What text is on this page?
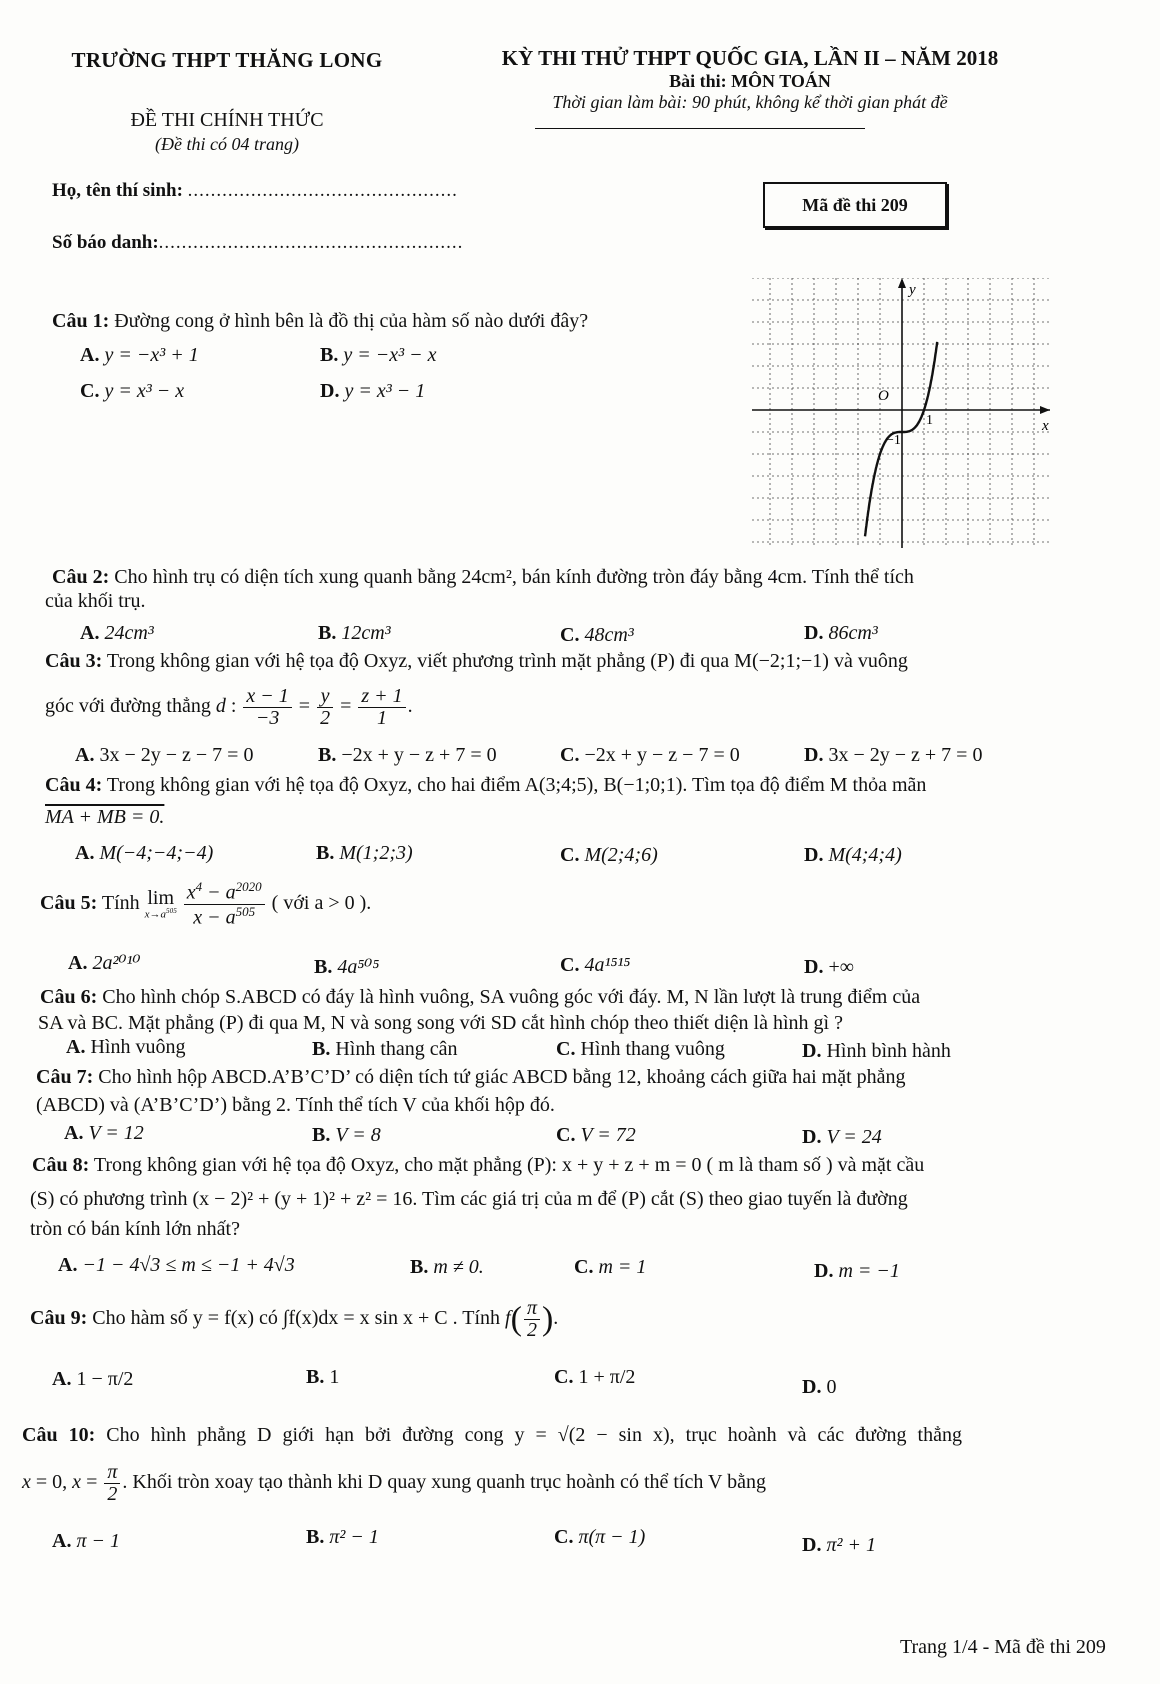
TRƯỜNG THPT THĂNG LONG
ĐỀ THI CHÍNH THỨC
(Đề thi có 04 trang)
KỲ THI THỬ THPT QUỐC GIA, LẦN II – NĂM 2018
Bài thi: MÔN TOÁN
Thời gian làm bài: 90 phút, không kể thời gian phát đề
Họ, tên thí sinh: ...............................................
Số báo danh:.....................................................
Mã đề thi 209
Câu 1: Đường cong ở hình bên là đồ thị của hàm số nào dưới đây?
A. y = −x³ + 1	B. y = −x³ − x
C. y = x³ − x	D. y = x³ − 1
y
x
O
1
−1
Câu 2: Cho hình trụ có diện tích xung quanh bằng 24cm², bán kính đường tròn đáy bằng 4cm. Tính thể tích
của khối trụ.
A. 24cm³	B. 12cm³	C. 48cm³	D. 86cm³
Câu 3: Trong không gian với hệ tọa độ Oxyz, viết phương trình mặt phẳng (P) đi qua M(−2;1;−1) và vuông
góc với đường thẳng d : $\frac{x - 1}{-3} = \frac{y}{2} = \frac{z + 1}{1}$ .
A. 3x − 2y − z − 7 = 0	B. −2x + y − z + 7 = 0	C. −2x + y − z − 7 = 0	D. 3x − 2y − z + 7 = 0
Câu 4: Trong không gian với hệ tọa độ Oxyz, cho hai điểm A(3;4;5), B(−1;0;1). Tìm tọa độ điểm M thỏa mãn
MA + MB = 0.
A. M(−4;−4;−4)	B. M(1;2;3)	C. M(2;4;6)	D. M(4;4;4)
Câu 5: Tính lim
$x\to a^{505}$
$\frac{x^4 - a^{2020}}{x - a^{505}}$ ( với a > 0 ).
A. 2a²⁰¹⁰	B. 4a⁵⁰⁵	C. 4a¹⁵¹⁵	D. +∞
Câu 6: Cho hình chóp S.ABCD có đáy là hình vuông, SA vuông góc với đáy. M, N lần lượt là trung điểm của
SA và BC. Mặt phẳng (P) đi qua M, N và song song với SD cắt hình chóp theo thiết diện là hình gì ?
A. Hình vuông	B. Hình thang cân	C. Hình thang vuông	D. Hình bình hành
Câu 7: Cho hình hộp ABCD.A’B’C’D’ có diện tích tứ giác ABCD bằng 12, khoảng cách giữa hai mặt phẳng
(ABCD) và (A’B’C’D’) bằng 2. Tính thể tích V của khối hộp đó.
A. V = 12	B. V = 8	C. V = 72	D. V = 24
Câu 8: Trong không gian với hệ tọa độ Oxyz, cho mặt phẳng (P): x + y + z + m = 0 ( m là tham số ) và mặt cầu
(S) có phương trình (x − 2)² + (y + 1)² + z² = 16. Tìm các giá trị của m để (P) cắt (S) theo giao tuyến là đường
tròn có bán kính lớn nhất?
A. −1 − 4√3 ≤ m ≤ −1 + 4√3	B. m ≠ 0.	C. m = 1	D. m = −1
Câu 9: Cho hàm số y = f(x) có ∫f(x)dx = x sin x + C . Tính $f( \frac{\pi}{2}$ ).
A. 1 − π/2	B. 1	C. 1 + π/2	D. 0
Câu 10: Cho hình phẳng D giới hạn bởi đường cong y = √(2 − sin x), trục hoành và các đường thẳng
x = 0, $x = \frac{\pi}{2}$ . Khối tròn xoay tạo thành khi D quay xung quanh trục hoành có thể tích V bằng
A. π − 1	B. π² − 1	C. π(π − 1)	D. π² + 1
Trang 1/4 - Mã đề thi 209
